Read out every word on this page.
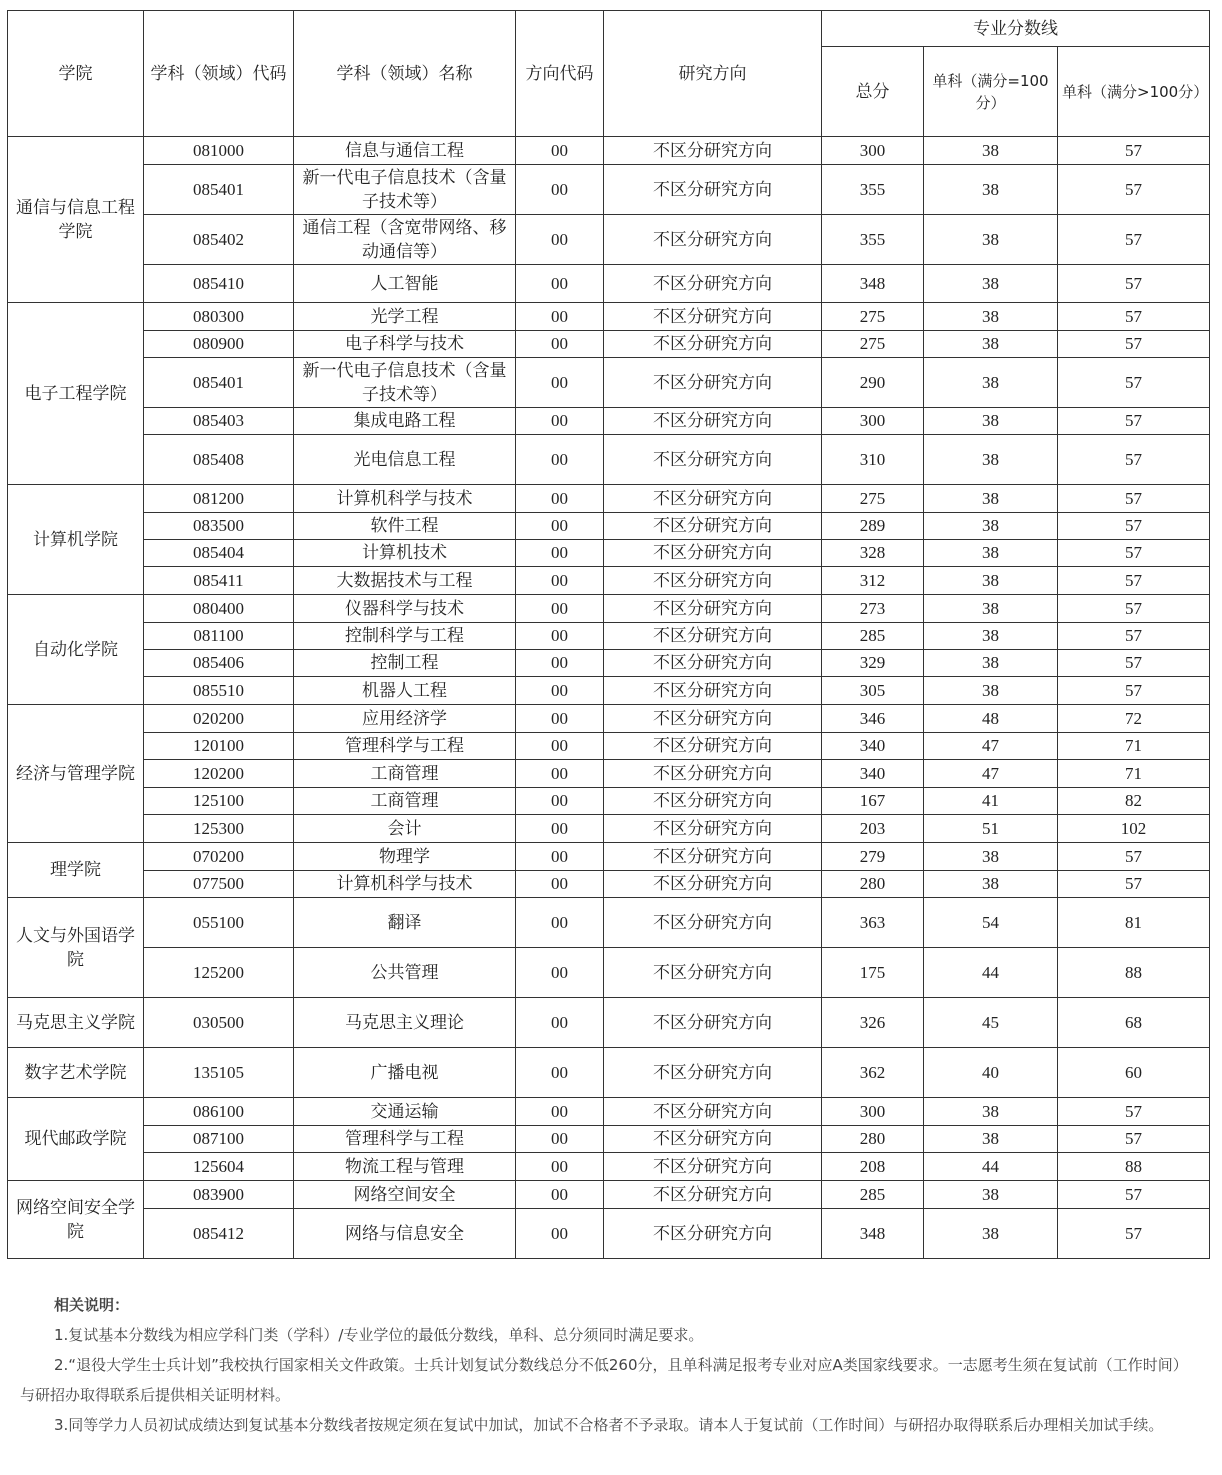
学院	学科（领域）代码	学科（领域）名称	方向代码	研究方向	专业分数线		
					总分	单科（满分=100分）	单科（满分>100分）
通信与信息工程学院	081000	信息与通信工程	00	不区分研究方向	300	38	57
	085401	新一代电子信息技术（含量子技术等）	00	不区分研究方向	355	38	57
	085402	通信工程（含宽带网络、移动通信等）	00	不区分研究方向	355	38	57
	085410	人工智能	00	不区分研究方向	348	38	57
电子工程学院	080300	光学工程	00	不区分研究方向	275	38	57
	080900	电子科学与技术	00	不区分研究方向	275	38	57
	085401	新一代电子信息技术（含量子技术等）	00	不区分研究方向	290	38	57
	085403	集成电路工程	00	不区分研究方向	300	38	57
	085408	光电信息工程	00	不区分研究方向	310	38	57
计算机学院	081200	计算机科学与技术	00	不区分研究方向	275	38	57
	083500	软件工程	00	不区分研究方向	289	38	57
	085404	计算机技术	00	不区分研究方向	328	38	57
	085411	大数据技术与工程	00	不区分研究方向	312	38	57
自动化学院	080400	仪器科学与技术	00	不区分研究方向	273	38	57
	081100	控制科学与工程	00	不区分研究方向	285	38	57
	085406	控制工程	00	不区分研究方向	329	38	57
	085510	机器人工程	00	不区分研究方向	305	38	57
经济与管理学院	020200	应用经济学	00	不区分研究方向	346	48	72
	120100	管理科学与工程	00	不区分研究方向	340	47	71
	120200	工商管理	00	不区分研究方向	340	47	71
	125100	工商管理	00	不区分研究方向	167	41	82
	125300	会计	00	不区分研究方向	203	51	102
理学院	070200	物理学	00	不区分研究方向	279	38	57
	077500	计算机科学与技术	00	不区分研究方向	280	38	57
人文与外国语学院	055100	翻译	00	不区分研究方向	363	54	81
	125200	公共管理	00	不区分研究方向	175	44	88
马克思主义学院	030500	马克思主义理论	00	不区分研究方向	326	45	68
数字艺术学院	135105	广播电视	00	不区分研究方向	362	40	60
现代邮政学院	086100	交通运输	00	不区分研究方向	300	38	57
	087100	管理科学与工程	00	不区分研究方向	280	38	57
	125604	物流工程与管理	00	不区分研究方向	208	44	88
网络空间安全学院	083900	网络空间安全	00	不区分研究方向	285	38	57
	085412	网络与信息安全	00	不区分研究方向	348	38	57
相关说明：
1.复试基本分数线为相应学科门类（学科）/专业学位的最低分数线，单科、总分须同时满足要求。
2.“退役大学生士兵计划”我校执行国家相关文件政策。士兵计划复试分数线总分不低260分，且单科满足报考专业对应A类国家线要求。一志愿考生须在复试前（工作时间）与研招办取得联系后提供相关证明材料。
3.同等学力人员初试成绩达到复试基本分数线者按规定须在复试中加试，加试不合格者不予录取。请本人于复试前（工作时间）与研招办取得联系后办理相关加试手续。
